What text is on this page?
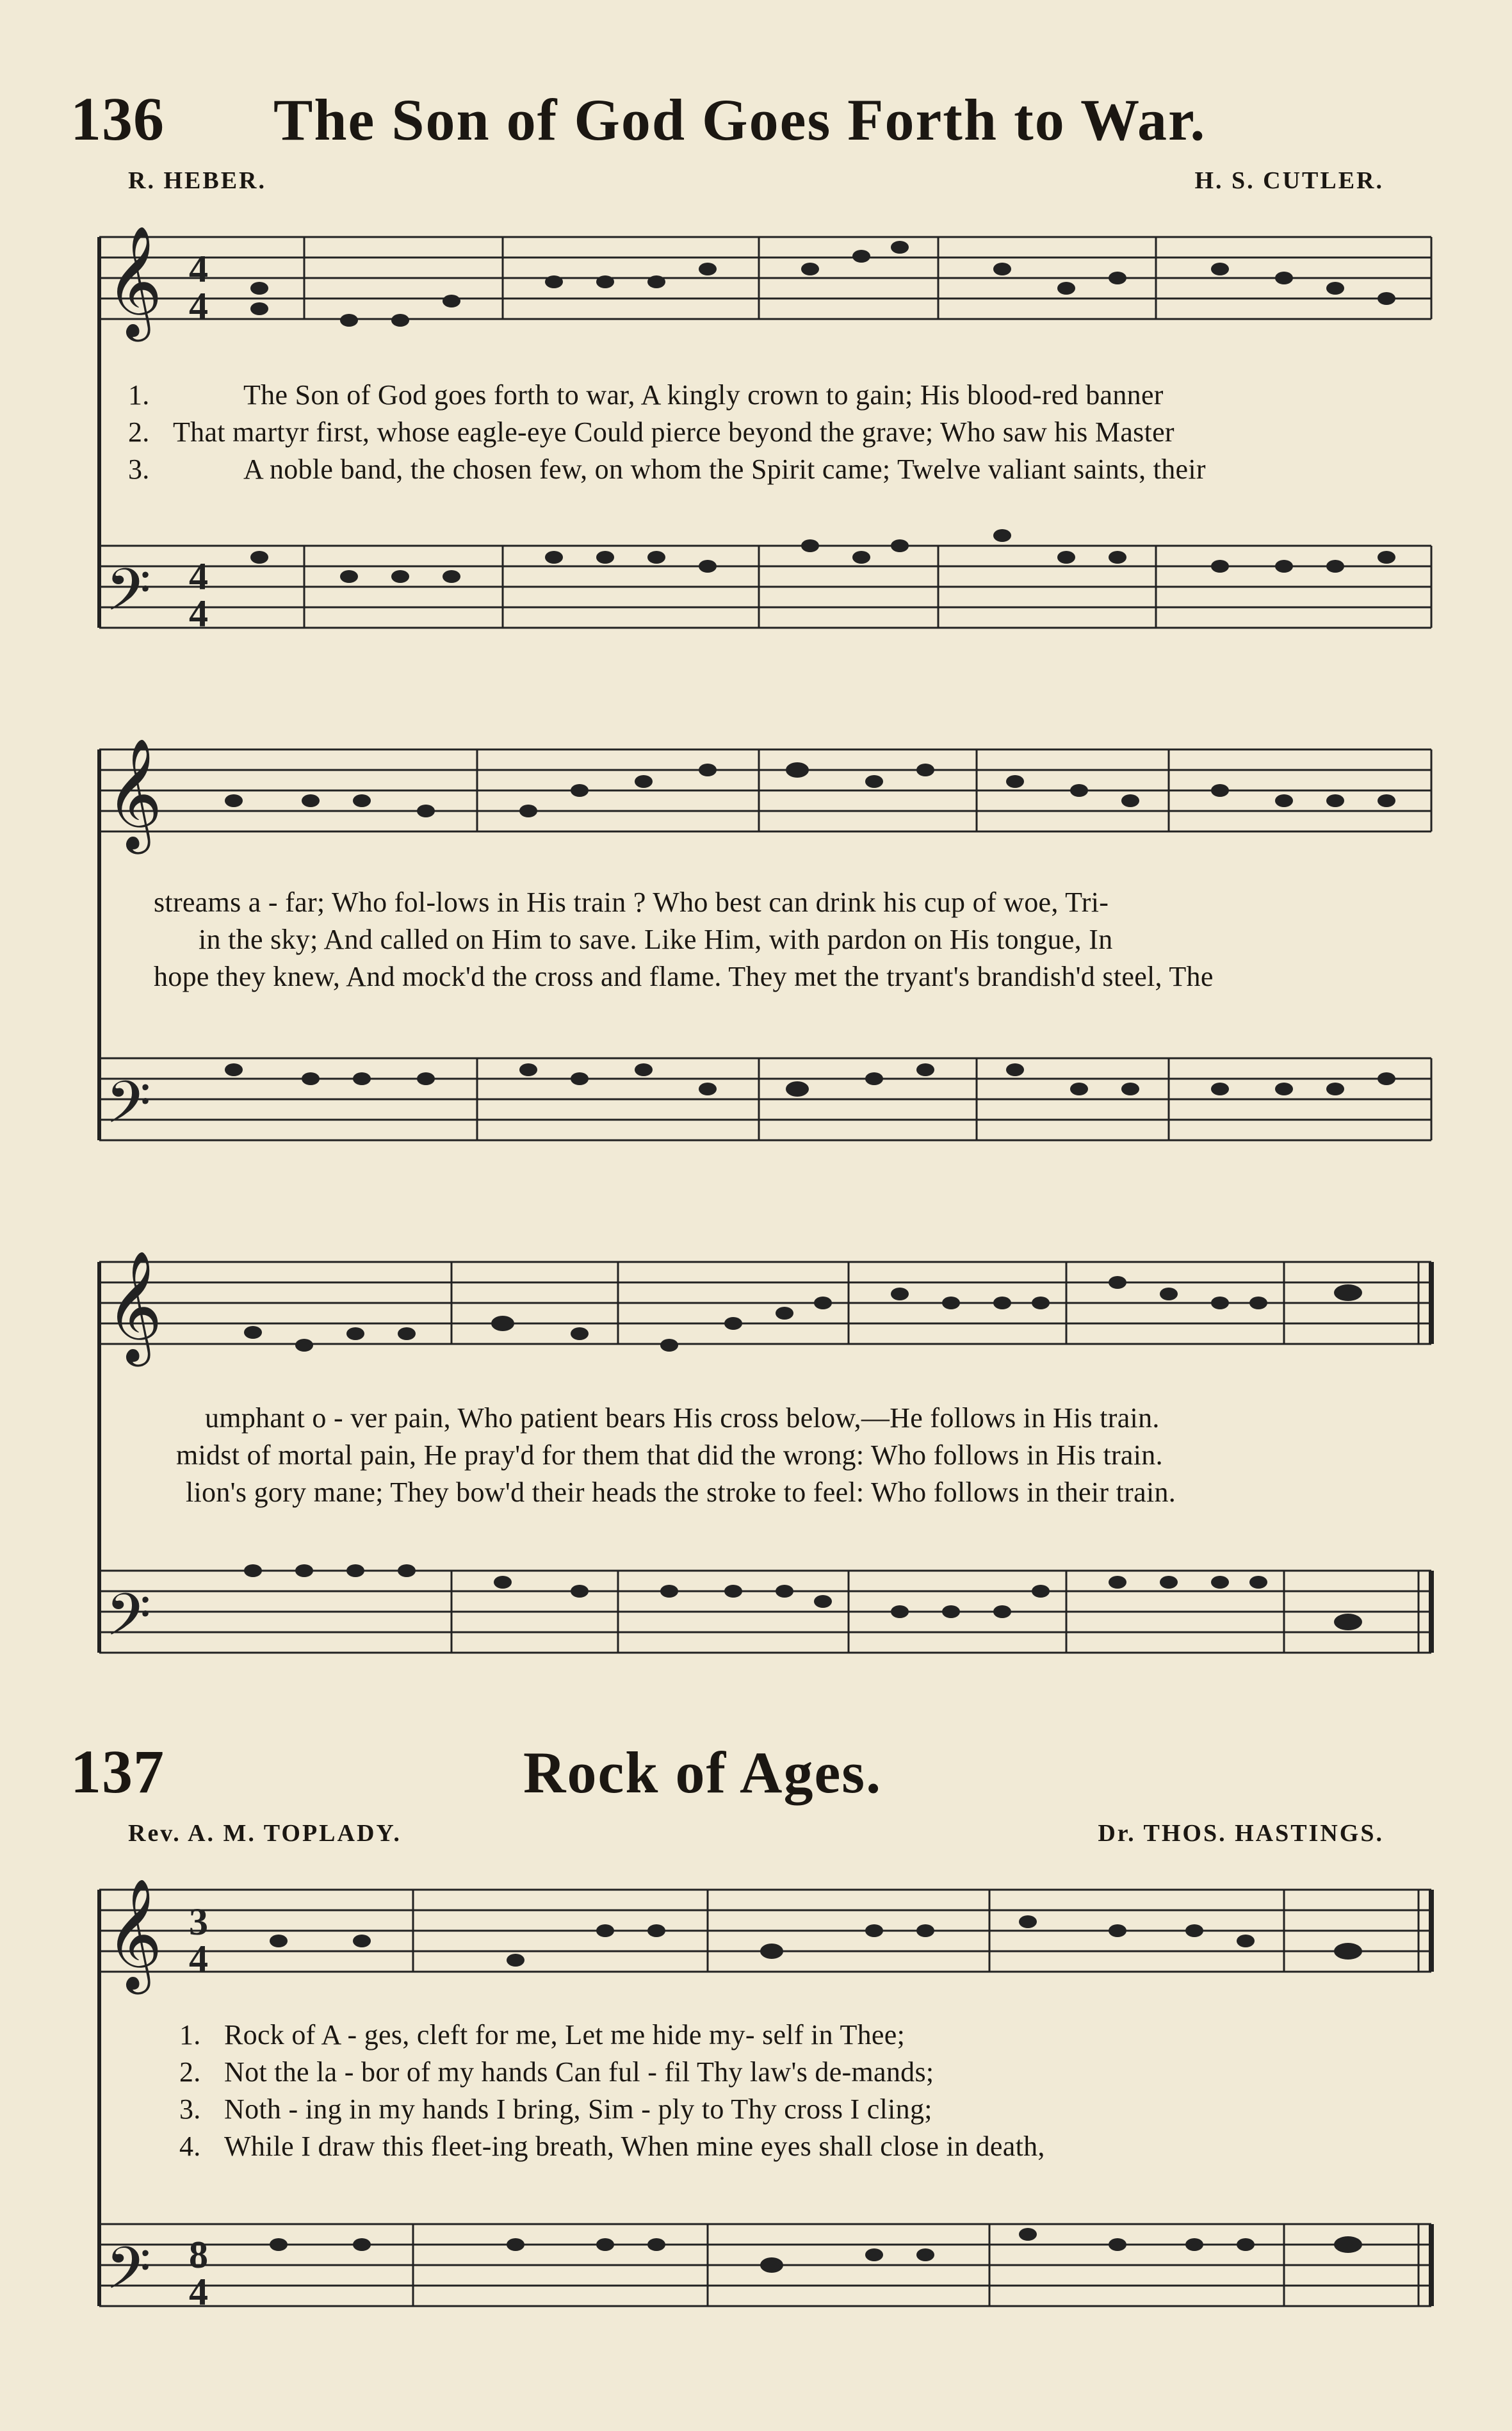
136 The Son of God Goes Forth to War.
R. HEBER.	H. S. CUTLER.
𝄞
𝄢
4
4
4
4
1.	The Son of God goes forth to war, A kingly crown to gain; His blood-red banner
2. That martyr first, whose eagle-eye Could pierce beyond the grave; Who saw his Master
3.	A noble band, the chosen few, on whom the Spirit came; Twelve valiant saints, their
𝄞
𝄢
streams a - far; Who fol-lows in His train ? Who best can drink his cup of woe, Tri-
in the sky; And called on Him to save. Like Him, with pardon on His tongue, In
hope they knew, And mock'd the cross and flame. They met the tryant's brandish'd steel, The
𝄞
𝄢
umphant o - ver pain, Who patient bears His cross below,—He follows in His train.
midst of mortal pain, He pray'd for them that did the wrong: Who follows in His train.
lion's gory mane; They bow'd their heads the stroke to feel: Who follows in their train.
137	Rock of Ages.
Rev. A. M. TOPLADY.	Dr. THOS. HASTINGS.
𝄞
𝄢
3
4
8
4
1. Rock of A - ges, cleft for me, Let me hide my- self in Thee;
2. Not the la - bor of my hands Can ful - fil Thy law's de-mands;
3. Noth - ing in my hands I bring, Sim - ply to Thy cross I cling;
4. While I draw this fleet-ing breath, When mine eyes shall close in death,
